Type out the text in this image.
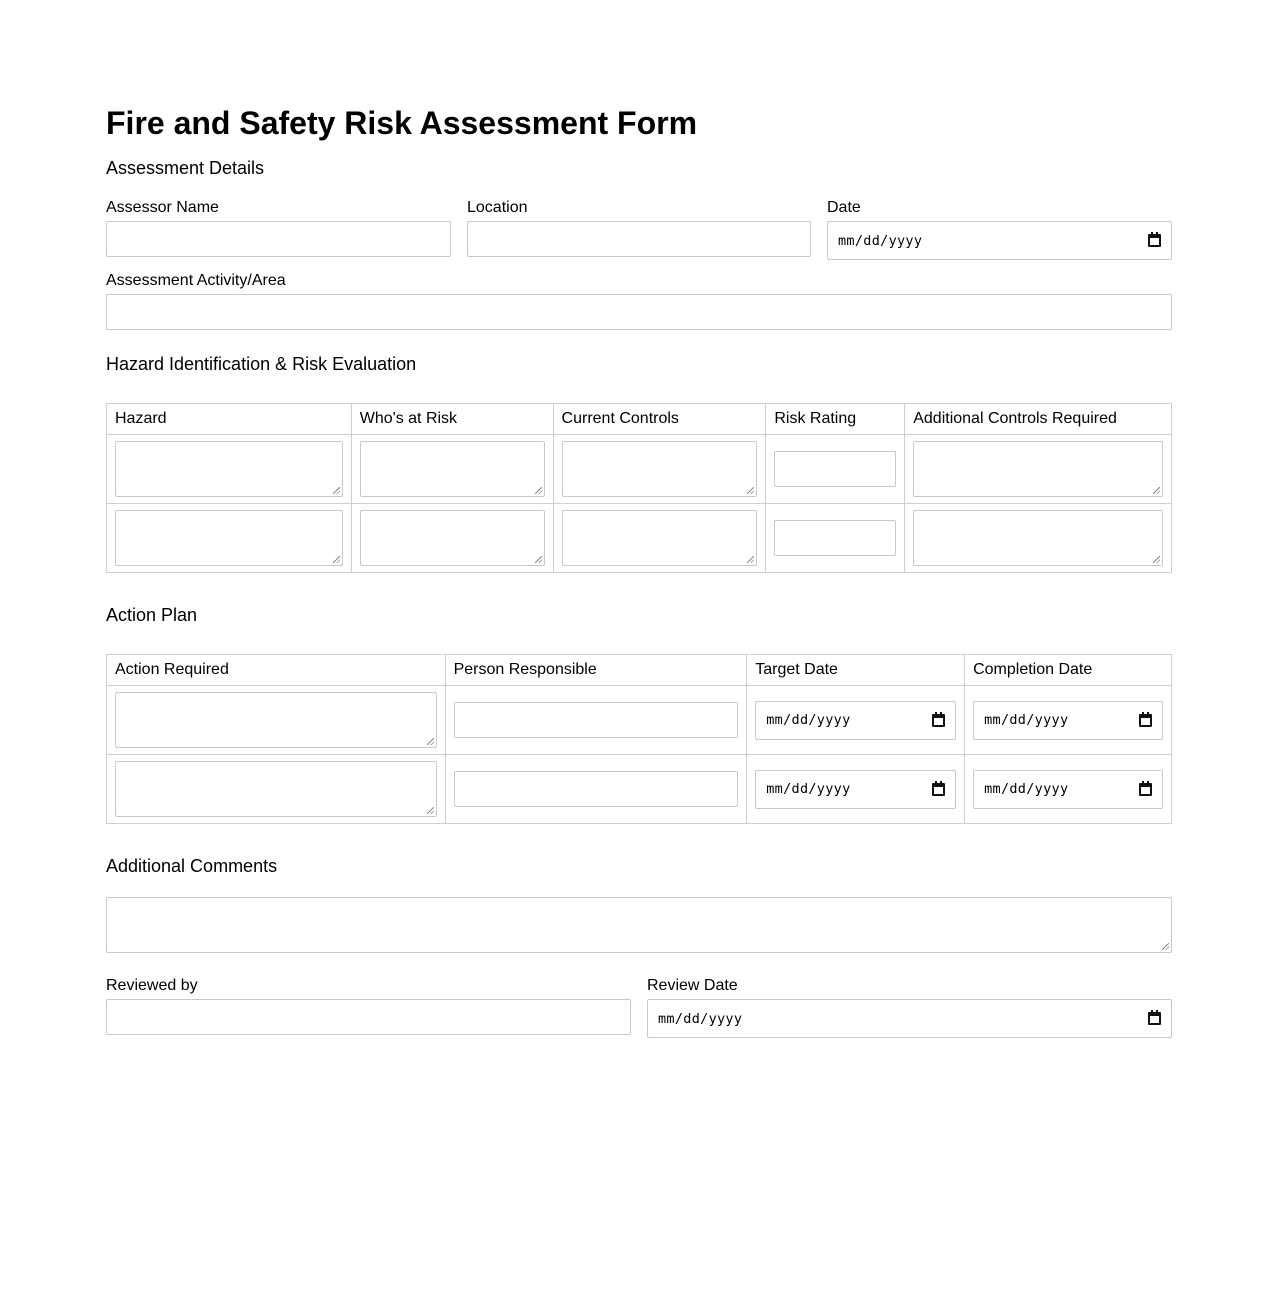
Fire and Safety Risk Assessment Form
Assessment Details
Assessor Name	Location	Date
mm/dd/yyyy
Assessment Activity/Area
Hazard Identification & Risk Evaluation
Hazard	Who's at Risk	Current Controls	Risk Rating	Additional Controls Required

Action Plan
Action Required	Person Responsible	Target Date	Completion Date

		mm/dd/yyyy	mm/dd/yyyy

		mm/dd/yyyy	mm/dd/yyyy
Additional Comments
Reviewed by	Review Date
mm/dd/yyyy
